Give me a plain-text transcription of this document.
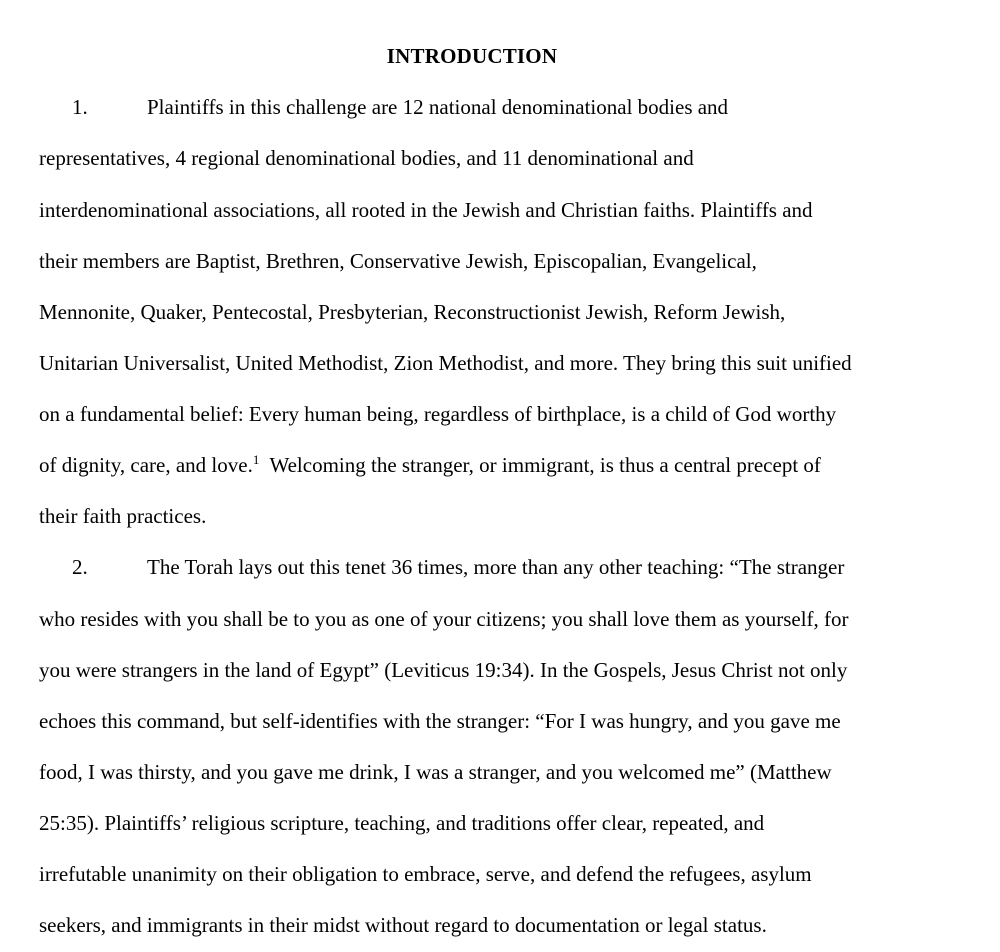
INTRODUCTION
1.	Plaintiffs in this challenge are 12 national denominational bodies and
representatives, 4 regional denominational bodies, and 11 denominational and
interdenominational associations, all rooted in the Jewish and Christian faiths. Plaintiffs and
their members are Baptist, Brethren, Conservative Jewish, Episcopalian, Evangelical,
Mennonite, Quaker, Pentecostal, Presbyterian, Reconstructionist Jewish, Reform Jewish,
Unitarian Universalist, United Methodist, Zion Methodist, and more. They bring this suit unified
on a fundamental belief: Every human being, regardless of birthplace, is a child of God worthy
of dignity, care, and love.$^1$  Welcoming the stranger, or immigrant, is thus a central precept of
their faith practices.
2.	The Torah lays out this tenet 36 times, more than any other teaching: “The stranger
who resides with you shall be to you as one of your citizens; you shall love them as yourself, for
you were strangers in the land of Egypt” (Leviticus 19:34). In the Gospels, Jesus Christ not only
echoes this command, but self-identifies with the stranger: “For I was hungry, and you gave me
food, I was thirsty, and you gave me drink, I was a stranger, and you welcomed me” (Matthew
25:35). Plaintiffs’ religious scripture, teaching, and traditions offer clear, repeated, and
irrefutable unanimity on their obligation to embrace, serve, and defend the refugees, asylum
seekers, and immigrants in their midst without regard to documentation or legal status.
